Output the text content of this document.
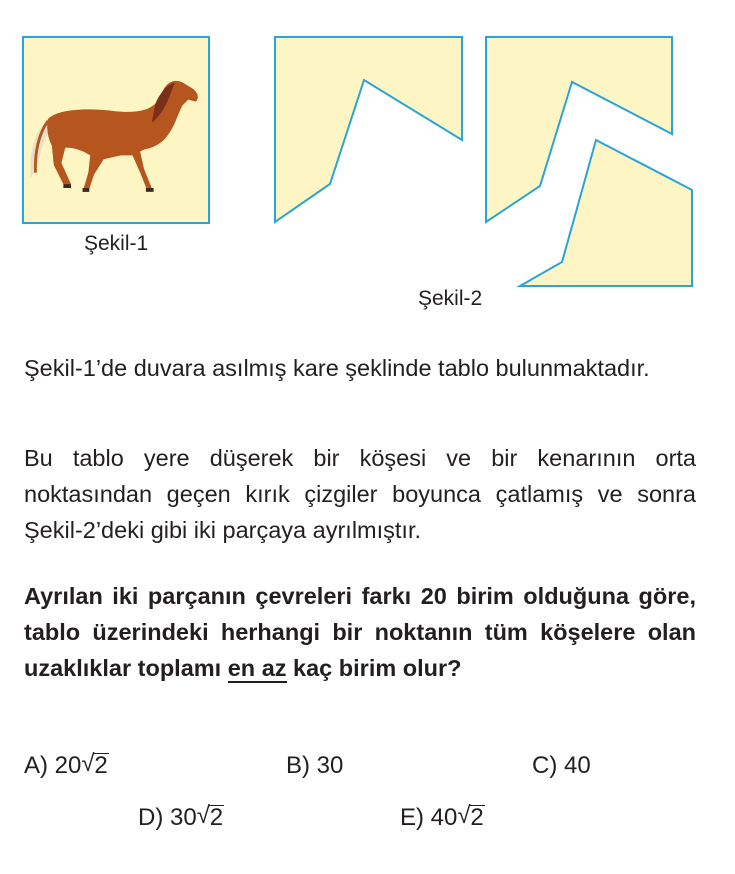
Şekil-1
Şekil-2

Şekil-1’de duvara asılmış kare şeklinde tablo bulunmaktadır.

Bu tablo yere düşerek bir köşesi ve bir kenarının orta noktasından geçen kırık çizgiler boyunca çatlamış ve sonra Şekil-2’deki gibi iki parçaya ayrılmıştır.

Ayrılan iki parçanın çevreleri farkı 20 birim olduğuna göre, tablo üzerindeki herhangi bir noktanın tüm köşelere olan uzaklıklar toplamı en az kaç birim olur?

A) 20 √ 2	B) 30	C) 40
D) 30 √ 2	E) 40 √ 2
